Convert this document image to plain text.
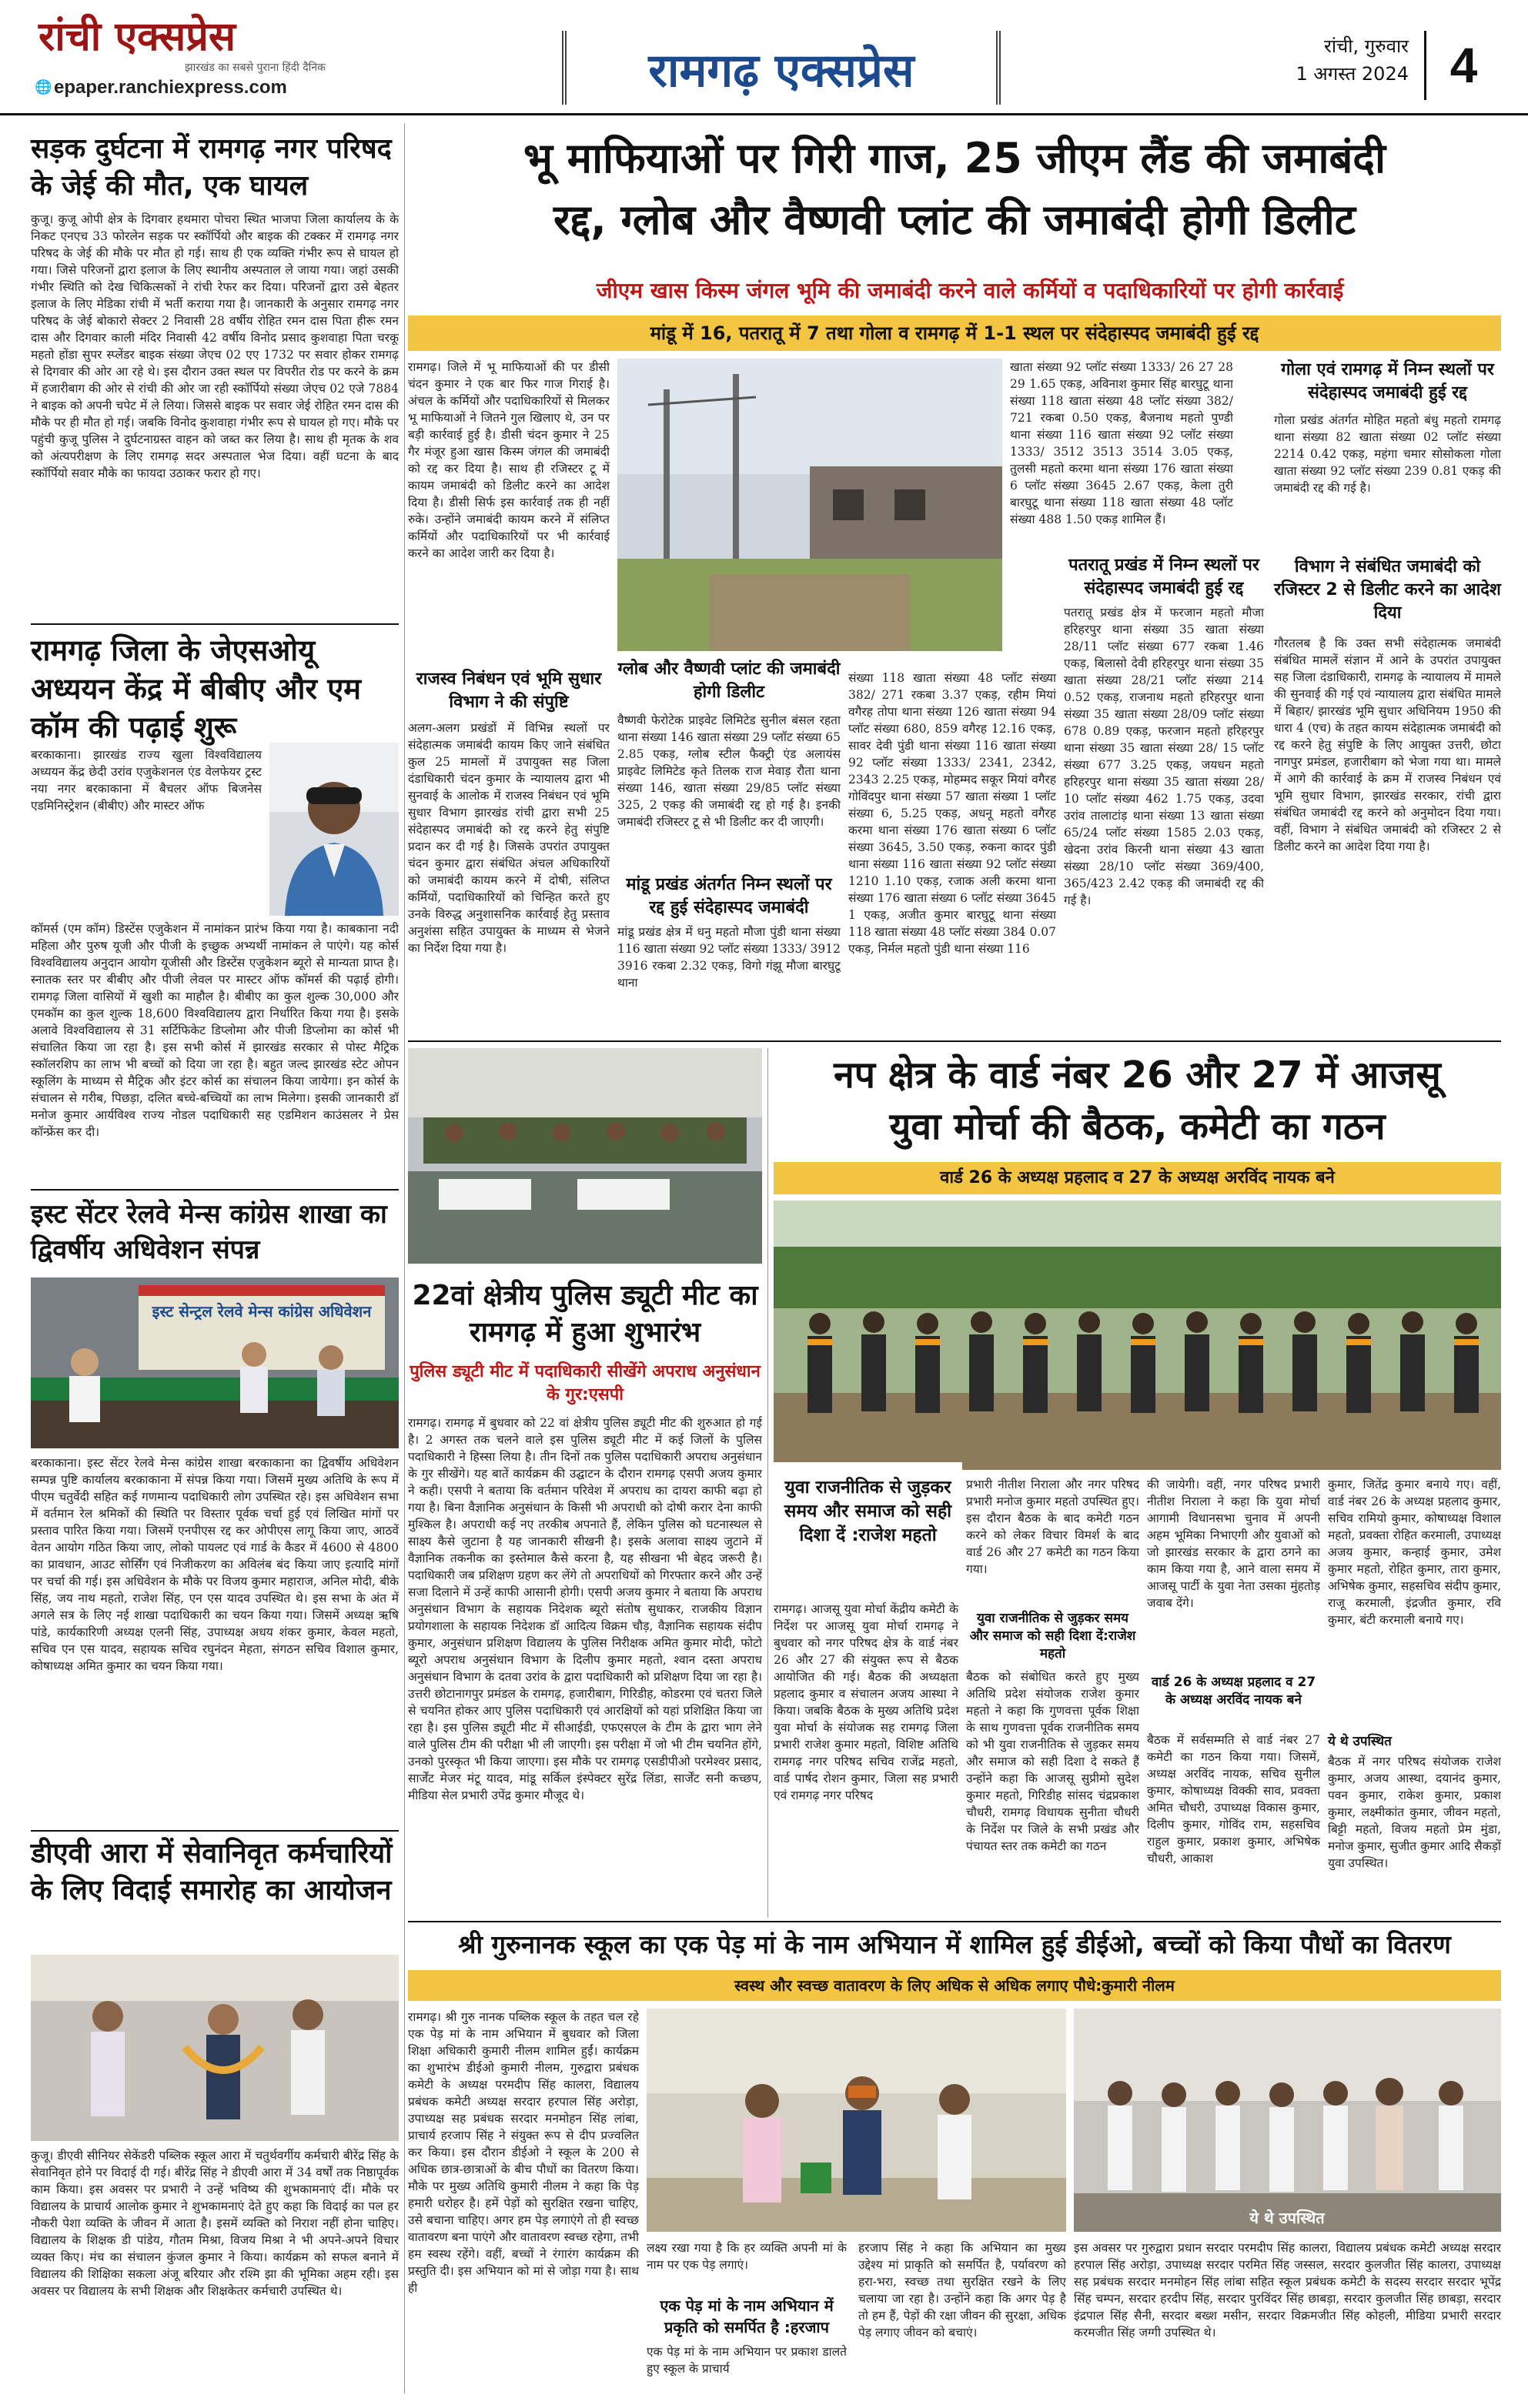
रांची एक्सप्रेस
झारखंड का सबसे पुराना हिंदी दैनिक
🌐 epaper.ranchiexpress.com	रामगढ़ एक्सप्रेस	रांची, गुरुवार
1 अगस्त 2024 4
सड़क दुर्घटना में रामगढ़ नगर परिषद के जेई की मौत, एक घायल

कुजू। कुजू ओपी क्षेत्र के दिगवार हथमारा पोचरा स्थित भाजपा जिला कार्यालय के के निकट एनएच 33 फोरलेन सड़क पर स्कॉर्पियो और बाइक की टक्कर में रामगढ़ नगर परिषद के जेई की मौके पर मौत हो गई। साथ ही एक व्यक्ति गंभीर रूप से घायल हो गया। जिसे परिजनों द्वारा इलाज के लिए स्थानीय अस्पताल ले जाया गया। जहां उसकी गंभीर स्थिति को देख चिकित्सकों ने रांची रेफर कर दिया। परिजनों द्वारा उसे बेहतर इलाज के लिए मेडिका रांची में भर्ती कराया गया है। जानकारी के अनुसार रामगढ़ नगर परिषद के जेई बोकारो सेक्टर 2 निवासी 28 वर्षीय रोहित रमन दास पिता हीरू रमन दास और दिगवार काली मंदिर निवासी 42 वर्षीय विनोद प्रसाद कुशवाहा पिता चरकू महतो होंडा सुपर स्प्लेंडर बाइक संख्या जेएच 02 एए 1732 पर सवार होकर रामगढ़ से दिगवार की ओर आ रहे थे। इस दौरान उक्त स्थल पर विपरीत रोड पर करने के क्रम में हजारीबाग की ओर से रांची की ओर जा रही स्कॉर्पियो संख्या जेएच 02 एजे 7884 ने बाइक को अपनी चपेट में ले लिया। जिससे बाइक पर सवार जेई रोहित रमन दास की मौके पर ही मौत हो गई। जबकि विनोद कुशवाहा गंभीर रूप से घायल हो गए। मौके पर पहुंची कुजू पुलिस ने दुर्घटनाग्रस्त वाहन को जब्त कर लिया है। साथ ही मृतक के शव को अंत्यपरीक्षण के लिए रामगढ़ सदर अस्पताल भेज दिया। वहीं घटना के बाद स्कॉर्पियो सवार मौके का फायदा उठाकर फरार हो गए।

रामगढ़ जिला के जेएसओयू अध्ययन केंद्र में बीबीए और एम कॉम की पढ़ाई शुरू

बरकाकाना। झारखंड राज्य खुला विश्वविद्यालय अध्ययन केंद्र छेदी उरांव एजुकेशनल एंड वेलफेयर ट्रस्ट नया नगर बरकाकाना में बैचलर ऑफ बिजनेस एडमिनिस्ट्रेशन (बीबीए) और मास्टर ऑफ

कॉमर्स (एम कॉम) डिस्टेंस एजुकेशन में नामांकन प्रारंभ किया गया है। काबकाना नदी महिला और पुरुष यूजी और पीजी के इच्छुक अभ्यर्थी नामांकन ले पाएंगे। यह कोर्स विश्वविद्यालय अनुदान आयोग यूजीसी और डिस्टेंस एजुकेशन ब्यूरो से मान्यता प्राप्त है। स्नातक स्तर पर बीबीए और पीजी लेवल पर मास्टर ऑफ कॉमर्स की पढ़ाई होगी। रामगढ़ जिला वासियों में खुशी का माहौल है। बीबीए का कुल शुल्क 30,000 और एमकॉम का कुल शुल्क 18,600 विश्वविद्यालय द्वारा निर्धारित किया गया है। इसके अलावे विश्वविद्यालय से 31 सर्टिफिकेट डिप्लोमा और पीजी डिप्लोमा का कोर्स भी संचालित किया जा रहा है। इस सभी कोर्स में झारखंड सरकार से पोस्ट मैट्रिक स्कॉलरशिप का लाभ भी बच्चों को दिया जा रहा है। बहुत जल्द झारखंड स्टेट ओपन स्कूलिंग के माध्यम से मैट्रिक और इंटर कोर्स का संचालन किया जायेगा। इन कोर्स के संचालन से गरीब, पिछड़ा, दलित बच्चे-बच्चियों का लाभ मिलेगा। इसकी जानकारी डॉ मनोज कुमार आर्यविश्व राज्य नोडल पदाधिकारी सह एडमिशन काउंसलर ने प्रेस कॉन्फ्रेंस कर दी।

इस्ट सेंटर रेलवे मेन्स कांग्रेस शाखा का द्विवर्षीय अधिवेशन संपन्न
इस्ट सेन्ट्रल रेलवे मेन्स कांग्रेस अधिवेशन

बरकाकाना। इस्ट सेंटर रेलवे मेन्स कांग्रेस शाखा बरकाकाना का द्विवर्षीय अधिवेशन सम्पन्न पुष्टि कार्यालय बरकाकाना में संपन्न किया गया। जिसमें मुख्य अतिथि के रूप में पीएम चतुर्वेदी सहित कई गणमान्य पदाधिकारी लोग उपस्थित रहे। इस अधिवेशन सभा में वर्तमान रेल श्रमिकों की स्थिति पर विस्तार पूर्वक चर्चा हुई एवं लिखित मांगों पर प्रस्ताव पारित किया गया। जिसमें एनपीएस रद्द कर ओपीएस लागू किया जाए, आठवें वेतन आयोग गठित किया जाए, लोको पायलट एवं गार्ड के कैडर में 4600 से 4800 का प्रावधान, आउट सोर्सिंग एवं निजीकरण का अविलंब बंद किया जाए इत्यादि मांगों पर चर्चा की गई। इस अधिवेशन के मौके पर विजय कुमार महाराज, अनिल मोदी, बीके सिंह, जय नाथ महतो, राजेश सिंह, एन एस यादव उपस्थित थे। इस सभा के अंत में अगले सत्र के लिए नई शाखा पदाधिकारी का चयन किया गया। जिसमें अध्यक्ष ऋषि पांडे, कार्यकारिणी अध्यक्ष एलनी सिंह, उपाध्यक्ष अधय शंकर कुमार, केवल महतो, सचिव एन एस यादव, सहायक सचिव रघुनंदन मेहता, संगठन सचिव विशाल कुमार, कोषाध्यक्ष अमित कुमार का चयन किया गया।

डीएवी आरा में सेवानिवृत कर्मचारियों के लिए विदाई समारोह का आयोजन

कुजू। डीएवी सीनियर सेकेंडरी पब्लिक स्कूल आरा में चतुर्थवर्गीय कर्मचारी बीरेंद्र सिंह के सेवानिवृत होने पर विदाई दी गई। बीरेंद्र सिंह ने डीएवी आरा में 34 वर्षों तक निष्ठापूर्वक काम किया। इस अवसर पर प्रभारी ने उन्हें भविष्य की शुभकामनाएं दीं। मौके पर विद्यालय के प्राचार्य आलोक कुमार ने शुभकामनाएं देते हुए कहा कि विदाई का पल हर नौकरी पेशा व्यक्ति के जीवन में आता है। इसमें व्यक्ति को निराश नहीं होना चाहिए। विद्यालय के शिक्षक डी पांडेय, गौतम मिश्रा, विजय मिश्रा ने भी अपने-अपने विचार व्यक्त किए। मंच का संचालन कुंजल कुमार ने किया। कार्यक्रम को सफल बनाने में विद्यालय की शिक्षिका सकला अंजू बरियार और रश्मि झा की भूमिका अहम रही। इस अवसर पर विद्यालय के सभी शिक्षक और शिक्षकेतर कर्मचारी उपस्थित थे।

भू माफियाओं पर गिरी गाज, 25 जीएम लैंड की जमाबंदी
रद्द, ग्लोब और वैष्णवी प्लांट की जमाबंदी होगी डिलीट
जीएम खास किस्म जंगल भूमि की जमाबंदी करने वाले कर्मियों व पदाधिकारियों पर होगी कार्रवाई
मांडू में 16, पतरातू में 7 तथा गोला व रामगढ़ में 1-1 स्थल पर संदेहास्पद जमाबंदी हुई रद्द

रामगढ़। जिले में भू माफियाओं की पर डीसी चंदन कुमार ने एक बार फिर गाज गिराई है। अंचल के कर्मियों और पदाधिकारियों से मिलकर भू माफियाओं ने जितने गुल खिलाए थे, उन पर बड़ी कार्रवाई हुई है। डीसी चंदन कुमार ने 25 गैर मंजूर हुआ खास किस्म जंगल की जमाबंदी को रद्द कर दिया है। साथ ही रजिस्टर टू में कायम जमाबंदी को डिलीट करने का आदेश दिया है। डीसी सिर्फ इस कार्रवाई तक ही नहीं रुके। उन्होंने जमाबंदी कायम करने में संलिप्त कर्मियों और पदाधिकारियों पर भी कार्रवाई करने का आदेश जारी कर दिया है।

राजस्व निबंधन एवं भूमि सुधार विभाग ने की संपुष्टि

अलग-अलग प्रखंडों में विभिन्न स्थलों पर संदेहात्मक जमाबंदी कायम किए जाने संबंधित कुल 25 मामलों में उपायुक्त सह जिला दंडाधिकारी चंदन कुमार के न्यायालय द्वारा भी सुनवाई के आलोक में राजस्व निबंधन एवं भूमि सुधार विभाग झारखंड रांची द्वारा सभी 25 संदेहास्पद जमाबंदी को रद्द करने हेतु संपुष्टि प्रदान कर दी गई है। जिसके उपरांत उपायुक्त चंदन कुमार द्वारा संबंधित अंचल अधिकारियों को जमाबंदी कायम करने में दोषी, संलिप्त कर्मियों, पदाधिकारियों को चिन्हित करते हुए उनके विरुद्ध अनुशासनिक कार्रवाई हेतु प्रस्ताव अनुशंसा सहित उपायुक्त के माध्यम से भेजने का निर्देश दिया गया है।

ग्लोब और वैष्णवी प्लांट की जमाबंदी होगी डिलीट

वैष्णवी फेरोटेक प्राइवेट लिमिटेड सुनील बंसल रहता थाना संख्या 146 खाता संख्या 29 प्लॉट संख्या 65 2.85 एकड़, ग्लोब स्टील फैक्ट्री एंड अलायंस प्राइवेट लिमिटेड कृते तिलक राज मेवाड़ रौता थाना संख्या 146, खाता संख्या 29/85 प्लॉट संख्या 325, 2 एकड़ की जमाबंदी रद्द हो गई है। इनकी जमाबंदी रजिस्टर टू से भी डिलीट कर दी जाएगी।

मांडू प्रखंड अंतर्गत निम्न स्थलों पर रद्द हुई संदेहास्पद जमाबंदी

मांडू प्रखंड क्षेत्र में धनु महतो मौजा पुंडी थाना संख्या 116 खाता संख्या 92 प्लॉट संख्या 1333/ 3912 3916 रकबा 2.32 एकड़, विगो गंझू मौजा बारघुटू थाना

संख्या 118 खाता संख्या 48 प्लॉट संख्या 382/ 271 रकबा 3.37 एकड़, रहीम मियां वगैरह तोपा थाना संख्या 126 खाता संख्या 94 प्लॉट संख्या 680, 859 वगैरह 12.16 एकड़, सावर देवी पुंडी थाना संख्या 116 खाता संख्या 92 प्लॉट संख्या 1333/ 2341, 2342, 2343 2.25 एकड़, मोहम्मद सकूर मियां वगैरह गोविंदपुर थाना संख्या 57 खाता संख्या 1 प्लॉट संख्या 6, 5.25 एकड़, अधनू महतो वगैरह करमा थाना संख्या 176 खाता संख्या 6 प्लॉट संख्या 3645, 3.50 एकड़, रुकना कादर पुंडी थाना संख्या 116 खाता संख्या 92 प्लॉट संख्या 1210 1.10 एकड़, रजाक अली करमा थाना संख्या 176 खाता संख्या 6 प्लॉट संख्या 3645 1 एकड़, अजीत कुमार बारघुटू थाना संख्या 118 खाता संख्या 48 प्लॉट संख्या 384 0.07 एकड़, निर्मल महतो पुंडी थाना संख्या 116

खाता संख्या 92 प्लॉट संख्या 1333/ 26 27 28 29 1.65 एकड़, अविनाश कुमार सिंह बारघुटू थाना संख्या 118 खाता संख्या 48 प्लॉट संख्या 382/ 721 रकबा 0.50 एकड़, बैजनाथ महतो पुण्डी थाना संख्या 116 खाता संख्या 92 प्लॉट संख्या 1333/ 3512 3513 3514 3.05 एकड़, तुलसी महतो करमा थाना संख्या 176 खाता संख्या 6 प्लॉट संख्या 3645 2.67 एकड़, केला तुरी बारघुटू थाना संख्या 118 खाता संख्या 48 प्लॉट संख्या 488 1.50 एकड़ शामिल हैं।

पतरातू प्रखंड में निम्न स्थलों पर संदेहास्पद जमाबंदी हुई रद्द

पतरातू प्रखंड क्षेत्र में फरजान महतो मौजा हरिहरपुर थाना संख्या 35 खाता संख्या 28/11 प्लॉट संख्या 677 रकबा 1.46 एकड़, बिलासो देवी हरिहरपुर थाना संख्या 35 खाता संख्या 28/21 प्लॉट संख्या 214 0.52 एकड़, राजनाथ महतो हरिहरपुर थाना संख्या 35 खाता संख्या 28/09 प्लॉट संख्या 678 0.89 एकड़, फरजान महतो हरिहरपुर थाना संख्या 35 खाता संख्या 28/ 15 प्लॉट संख्या 677 3.25 एकड़, जयधन महतो हरिहरपुर थाना संख्या 35 खाता संख्या 28/ 10 प्लॉट संख्या 462 1.75 एकड़, उदवा उरांव तालाटांड़ थाना संख्या 13 खाता संख्या 65/24 प्लॉट संख्या 1585 2.03 एकड़, खेदना उरांव किरनी थाना संख्या 43 खाता संख्या 28/10 प्लॉट संख्या 369/400, 365/423 2.42 एकड़ की जमाबंदी रद्द की गई है।

गोला एवं रामगढ़ में निम्न स्थलों पर संदेहास्पद जमाबंदी हुई रद्द

गोला प्रखंड अंतर्गत मोहित महतो बंधु महतो रामगढ़ थाना संख्या 82 खाता संख्या 02 प्लॉट संख्या 2214 0.42 एकड़, महंगा चमार सोसोकला गोला खाता संख्या 92 प्लॉट संख्या 239 0.81 एकड़ की जमाबंदी रद्द की गई है।

विभाग ने संबंधित जमाबंदी को रजिस्टर 2 से डिलीट करने का आदेश दिया

गौरतलब है कि उक्त सभी संदेहात्मक जमाबंदी संबंधित मामलें संज्ञान में आने के उपरांत उपायुक्त सह जिला दंडाधिकारी, रामगढ़ के न्यायालय में मामले की सुनवाई की गई एवं न्यायालय द्वारा संबंधित मामले में बिहार/ झारखंड भूमि सुधार अधिनियम 1950 की धारा 4 (एच) के तहत कायम संदेहात्मक जमाबंदी को रद्द करने हेतु संपुष्टि के लिए आयुक्त उत्तरी, छोटा नागपुर प्रमंडल, हजारीबाग को भेजा गया था। मामले में आगे की कार्रवाई के क्रम में राजस्व निबंधन एवं भूमि सुधार विभाग, झारखंड सरकार, रांची द्वारा संबंधित जमाबंदी रद्द करने को अनुमोदन दिया गया। वहीं, विभाग ने संबंधित जमाबंदी को रजिस्टर 2 से डिलीट करने का आदेश दिया गया है।

22वां क्षेत्रीय पुलिस ड्यूटी मीट का रामगढ़ में हुआ शुभारंभ
पुलिस ड्यूटी मीट में पदाधिकारी सीखेंगे अपराध अनुसंधान के गुर:एसपी

रामगढ़। रामगढ़ में बुधवार को 22 वां क्षेत्रीय पुलिस ड्यूटी मीट की शुरुआत हो गई है। 2 अगस्त तक चलने वाले इस पुलिस ड्यूटी मीट में कई जिलों के पुलिस पदाधिकारी ने हिस्सा लिया है। तीन दिनों तक पुलिस पदाधिकारी अपराध अनुसंधान के गुर सीखेंगे। यह बातें कार्यक्रम की उद्घाटन के दौरान रामगढ़ एसपी अजय कुमार ने कही। एसपी ने बताया कि वर्तमान परिवेश में अपराध का दायरा काफी बढ़ा हो गया है। बिना वैज्ञानिक अनुसंधान के किसी भी अपराधी को दोषी करार देना काफी मुश्किल है। अपराधी कई नए तरकीब अपनाते हैं, लेकिन पुलिस को घटनास्थल से साक्ष्य कैसे जुटाना है यह जानकारी सीखनी है। इसके अलावा साक्ष्य जुटाने में वैज्ञानिक तकनीक का इस्तेमाल कैसे करना है, यह सीखना भी बेहद जरूरी है। पदाधिकारी जब प्रशिक्षण ग्रहण कर लेंगे तो अपराधियों को गिरफ्तार करने और उन्हें सजा दिलाने में उन्हें काफी आसानी होगी। एसपी अजय कुमार ने बताया कि अपराध अनुसंधान विभाग के सहायक निदेशक ब्यूरो संतोष सुधाकर, राजकीय विज्ञान प्रयोगशाला के सहायक निदेशक डॉ आदित्य विक्रम चौड़, वैज्ञानिक सहायक संदीप कुमार, अनुसंधान प्रशिक्षण विद्यालय के पुलिस निरीक्षक अमित कुमार मोदी, फोटो ब्यूरो अपराध अनुसंधान विभाग के दिलीप कुमार महतो, श्वान दस्ता अपराध अनुसंधान विभाग के दतवा उरांव के द्वारा पदाधिकारी को प्रशिक्षण दिया जा रहा है। उत्तरी छोटानागपुर प्रमंडल के रामगढ़, हजारीबाग, गिरिडीह, कोडरमा एवं चतरा जिले से चयनित होकर आए पुलिस पदाधिकारी एवं आरक्षियों को यहां प्रशिक्षित किया जा रहा है। इस पुलिस ड्यूटी मीट में सीआईडी, एफएसएल के टीम के द्वारा भाग लेने वाले पुलिस टीम की परीक्षा भी ली जाएगी। इस परीक्षा में जो भी टीम चयनित होंगे, उनको पुरस्कृत भी किया जाएगा। इस मौके पर रामगढ़ एसडीपीओ परमेश्वर प्रसाद, सार्जेंट मेजर मंटू यादव, मांडू सर्किल इंस्पेक्टर सुरेंद्र लिंडा, सार्जेंट सनी कच्छप, मीडिया सेल प्रभारी उपेंद्र कुमार मौजूद थे।

नप क्षेत्र के वार्ड नंबर 26 और 27 में आजसू
युवा मोर्चा की बैठक, कमेटी का गठन
वार्ड 26 के अध्यक्ष प्रहलाद व 27 के अध्यक्ष अरविंद नायक बने
युवा राजनीतिक से जुड़कर समय और समाज को सही दिशा दें :राजेश महतो

रामगढ़। आजसू युवा मोर्चा केंद्रीय कमेटी के निर्देश पर आजसू युवा मोर्चा रामगढ़ ने बुधवार को नगर परिषद क्षेत्र के वार्ड नंबर 26 और 27 की संयुक्त रूप से बैठक आयोजित की गई। बैठक की अध्यक्षता प्रहलाद कुमार व संचालन अजय आस्था ने किया। जबकि बैठक के मुख्य अतिथि प्रदेश युवा मोर्चा के संयोजक सह रामगढ़ जिला प्रभारी राजेश कुमार महतो, विशिष्ट अतिथि रामगढ़ नगर परिषद सचिव राजेंद्र महतो, वार्ड पार्षद रोशन कुमार, जिला सह प्रभारी एवं रामगढ़ नगर परिषद

प्रभारी नीतीश निराला और नगर परिषद प्रभारी मनोज कुमार महतो उपस्थित हुए। इस दौरान बैठक के बाद कमेटी गठन करने को लेकर विचार विमर्श के बाद वार्ड 26 और 27 कमेटी का गठन किया गया।

युवा राजनीतिक से जुड़कर समय और समाज को सही दिशा दें:राजेश महतो

बैठक को संबोधित करते हुए मुख्य अतिथि प्रदेश संयोजक राजेश कुमार महतो ने कहा कि गुणवत्ता पूर्वक शिक्षा के साथ गुणवत्ता पूर्वक राजनीतिक समय को भी युवा राजनीतिक से जुड़कर समय और समाज को सही दिशा दे सकते हैं उन्होंने कहा कि आजसू सुप्रीमो सुदेश कुमार महतो, गिरिडीह सांसद चंद्रप्रकाश चौधरी, रामगढ़ विधायक सुनीता चौधरी के निर्देश पर जिले के सभी प्रखंड और पंचायत स्तर तक कमेटी का गठन

की जायेगी। वहीं, नगर परिषद प्रभारी नीतीश निराला ने कहा कि युवा मोर्चा आगामी विधानसभा चुनाव में अपनी अहम भूमिका निभाएगी और युवाओं को जो झारखंड सरकार के द्वारा ठगने का काम किया गया है, आने वाला समय में आजसू पार्टी के युवा नेता उसका मुंहतोड़ जवाब देंगे।

वार्ड 26 के अध्यक्ष प्रहलाद व 27 के अध्यक्ष अरविंद नायक बने

बैठक में सर्वसम्मति से वार्ड नंबर 27 कमेटी का गठन किया गया। जिसमें, अध्यक्ष अरविंद नायक, सचिव सुनील कुमार, कोषाध्यक्ष विक्की साव, प्रवक्ता अमित चौधरी, उपाध्यक्ष विकास कुमार, दिलीप कुमार, गोविंद राम, सहसचिव राहुल कुमार, प्रकाश कुमार, अभिषेक चौधरी, आकाश

कुमार, जितेंद्र कुमार बनाये गए। वहीं, वार्ड नंबर 26 के अध्यक्ष प्रहलाद कुमार, सचिव रामियो कुमार, कोषाध्यक्ष विशाल महतो, प्रवक्ता रोहित करमाली, उपाध्यक्ष अजय कुमार, कन्हाई कुमार, उमेश कुमार महतो, रोहित कुमार, तारा कुमार, अभिषेक कुमार, सहसचिव संदीप कुमार, राजू करमाली, इंद्रजीत कुमार, रवि कुमार, बंटी करमाली बनाये गए।

ये थे उपस्थित

बैठक में नगर परिषद संयोजक राजेश कुमार, अजय आस्था, दयानंद कुमार, पवन कुमार, राकेश कुमार, प्रकाश कुमार, लक्ष्मीकांत कुमार, जीवन महतो, बिट्टी महतो, विजय महतो प्रेम मुंडा, मनोज कुमार, सुजीत कुमार आदि सैकड़ों युवा उपस्थित।

श्री गुरुनानक स्कूल का एक पेड़ मां के नाम अभियान में शामिल हुई डीईओ, बच्चों को किया पौधों का वितरण
स्वस्थ और स्वच्छ वातावरण के लिए अधिक से अधिक लगाए पौधे:कुमारी नीलम

रामगढ़। श्री गुरु नानक पब्लिक स्कूल के तहत चल रहे एक पेड़ मां के नाम अभियान में बुधवार को जिला शिक्षा अधिकारी कुमारी नीलम शामिल हुईं। कार्यक्रम का शुभारंभ डीईओ कुमारी नीलम, गुरुद्वारा प्रबंधक कमेटी के अध्यक्ष परमदीप सिंह कालरा, विद्यालय प्रबंधक कमेटी अध्यक्ष सरदार हरपाल सिंह अरोड़ा, उपाध्यक्ष सह प्रबंधक सरदार मनमोहन सिंह लांबा, प्राचार्य हरजाप सिंह ने संयुक्त रूप से दीप प्रज्वलित कर किया। इस दौरान डीईओ ने स्कूल के 200 से अधिक छात्र-छात्राओं के बीच पौधों का वितरण किया। मौके पर मुख्य अतिथि कुमारी नीलम ने कहा कि पेड़ हमारी धरोहर है। हमें पेड़ों को सुरक्षित रखना चाहिए, उसे बचाना चाहिए। अगर हम पेड़ लगाएंगे तो ही स्वच्छ वातावरण बना पाएंगे और वातावरण स्वच्छ रहेगा, तभी हम स्वस्थ रहेंगे। वहीं, बच्चों ने रंगारंग कार्यक्रम की प्रस्तुति दी। इस अभियान को मां से जोड़ा गया है। साथ ही

लक्ष्य रखा गया है कि हर व्यक्ति अपनी मां के नाम पर एक पेड़ लगाएं।

एक पेड़ मां के नाम अभियान में प्रकृति को समर्पित है :हरजाप

एक पेड़ मां के नाम अभियान पर प्रकाश डालते हुए स्कूल के प्राचार्य

हरजाप सिंह ने कहा कि अभियान का मुख्य उद्देश्य मां प्राकृति को समर्पित है, पर्यावरण को हरा-भरा, स्वच्छ तथा सुरक्षित रखने के लिए चलाया जा रहा है। उन्होंने कहा कि अगर पेड़ है तो हम हैं, पेड़ों की रक्षा जीवन की सुरक्षा, अधिक पेड़ लगाए जीवन को बचाएं।

ये थे उपस्थित

इस अवसर पर गुरुद्वारा प्रधान सरदार परमदीप सिंह कालरा, विद्यालय प्रबंधक कमेटी अध्यक्ष सरदार हरपाल सिंह अरोड़ा, उपाध्यक्ष सरदार परमित सिंह जस्सल, सरदार कुलजीत सिंह कालरा, उपाध्यक्ष सह प्रबंधक सरदार मनमोहन सिंह लांबा सहित स्कूल प्रबंधक कमेटी के सदस्य सरदार सरदार भूपेंद्र सिंह चम्पन, सरदार हरदीप सिंह, सरदार पुरविंदर सिंह छाबड़ा, सरदार कुलजीत सिंह छाबड़ा, सरदार इंद्रपाल सिंह सैनी, सरदार बख्श मसीन, सरदार विक्रमजीत सिंह कोहली, मीडिया प्रभारी सरदार करमजीत सिंह जग्गी उपस्थित थे।
